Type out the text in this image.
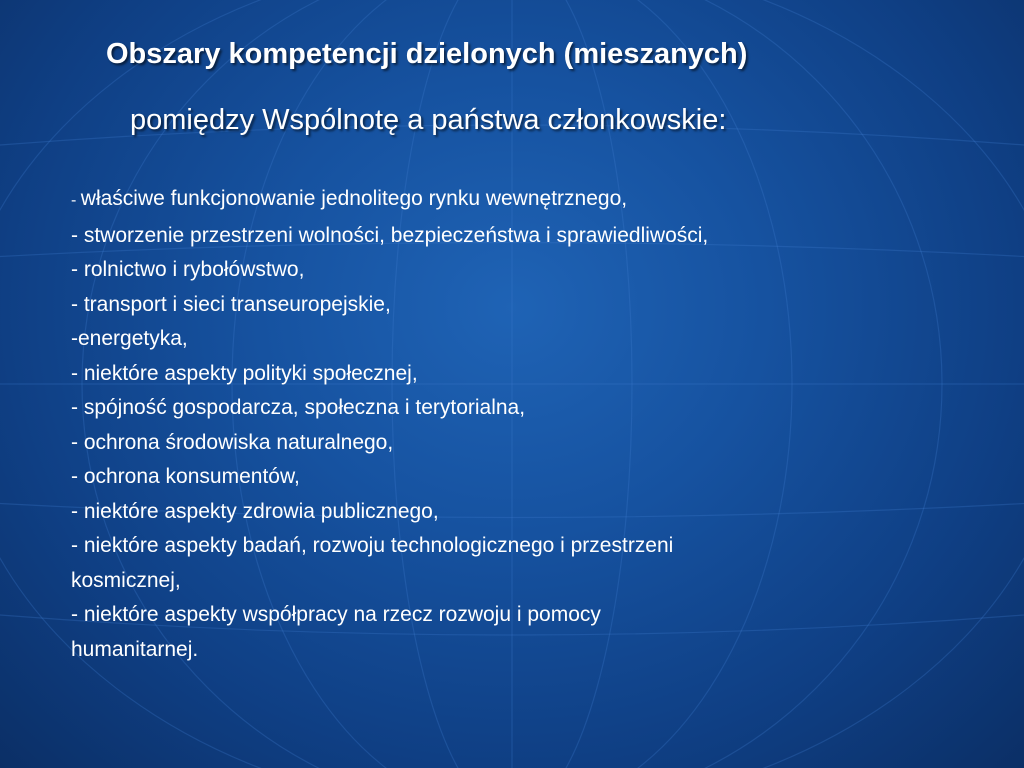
Obszary kompetencji dzielonych (mieszanych)
pomiędzy Wspólnotę a państwa członkowskie:
- właściwe funkcjonowanie jednolitego rynku wewnętrznego,
- stworzenie przestrzeni wolności, bezpieczeństwa i sprawiedliwości,
- rolnictwo i rybołówstwo,
- transport i sieci transeuropejskie,
-energetyka,
- niektóre aspekty polityki społecznej,
- spójność gospodarcza, społeczna i terytorialna,
- ochrona środowiska naturalnego,
- ochrona konsumentów,
- niektóre aspekty zdrowia publicznego,
- niektóre aspekty badań, rozwoju technologicznego i przestrzeni
kosmicznej,
- niektóre aspekty współpracy na rzecz rozwoju i pomocy
humanitarnej.
